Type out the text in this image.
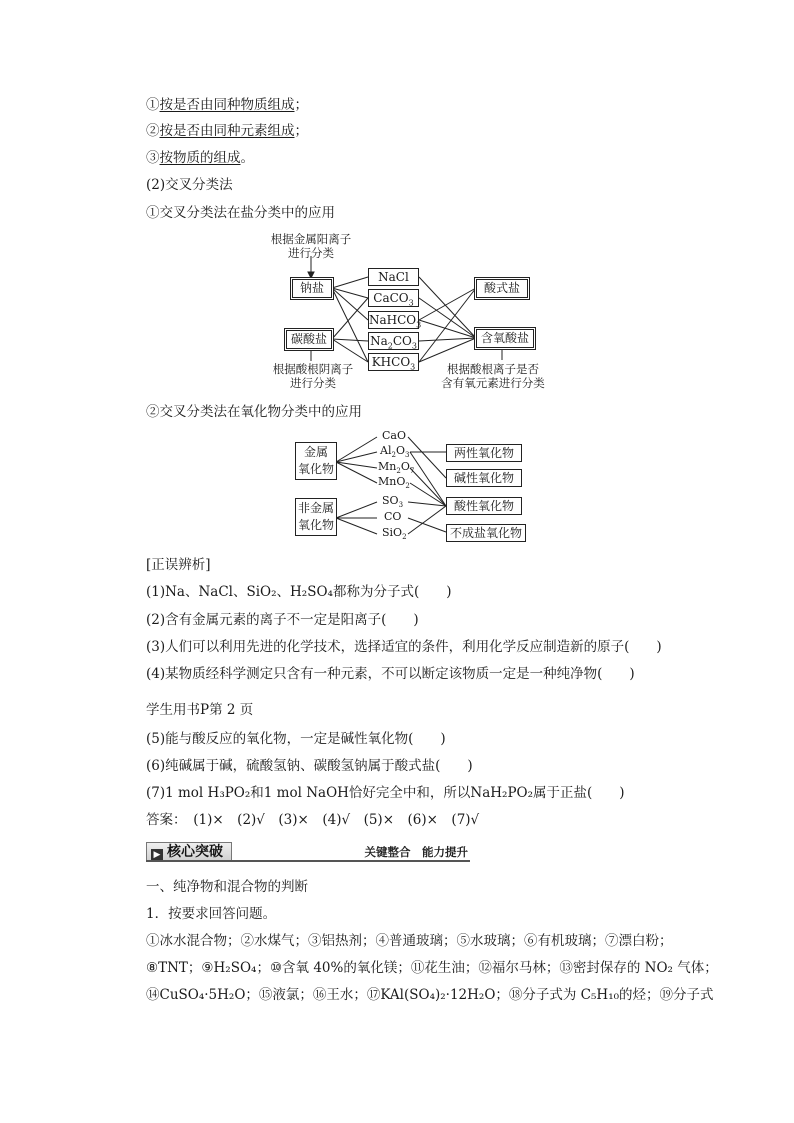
①按是否由同种物质组成；
②按是否由同种元素组成；
③按物质的组成。
(2)交叉分类法
①交叉分类法在盐分类中的应用
根据金属阳离子
进行分类
钠盐
碳酸盐
NaCl
CaCO$_3$
NaHCO$_3$
$Na_2CO_3$
$KHCO_3$
酸式盐
含氧酸盐
根据酸根阴离子
进行分类
根据酸根离子是否
含有氧元素进行分类
②交叉分类法在氧化物分类中的应用
金属
氧化物
非金属
氧化物
CaO
$Al_2O_3$
$Mn_2O_7$
MnO$_2$
$SO_3$
CO
SiO$_2$
两性氧化物
碱性氧化物
酸性氧化物
不成盐氧化物
[正误辨析]
(1)Na、NaCl、SiO₂、H₂SO₄都称为分子式(　　)
(2)含有金属元素的离子不一定是阳离子(　　)
(3)人们可以利用先进的化学技术，选择适宜的条件，利用化学反应制造新的原子(　　)
(4)某物质经科学测定只含有一种元素，不可以断定该物质一定是一种纯净物(　　)
学生用书P第 2 页
(5)能与酸反应的氧化物，一定是碱性氧化物(　　)
(6)纯碱属于碱，硫酸氢钠、碳酸氢钠属于酸式盐(　　)
(7)1 mol H₃PO₂和1 mol NaOH恰好完全中和，所以NaH₂PO₂属于正盐(　　)
答案：　(1)×　(2)√　(3)×　(4)√　(5)×　(6)×　(7)√
▶ 核心突破	关键整合　能力提升
一、纯净物和混合物的判断
1．按要求回答问题。
①冰水混合物；②水煤气；③铝热剂；④普通玻璃；⑤水玻璃；⑥有机玻璃；⑦漂白粉；
⑧TNT；⑨H₂SO₄；⑩含氧 40%的氧化镁；⑪花生油；⑫福尔马林；⑬密封保存的 NO₂ 气体；
⑭CuSO₄·5H₂O；⑮液氯；⑯王水；⑰KAl(SO₄)₂·12H₂O；⑱分子式为 C₅H₁₀的烃；⑲分子式
